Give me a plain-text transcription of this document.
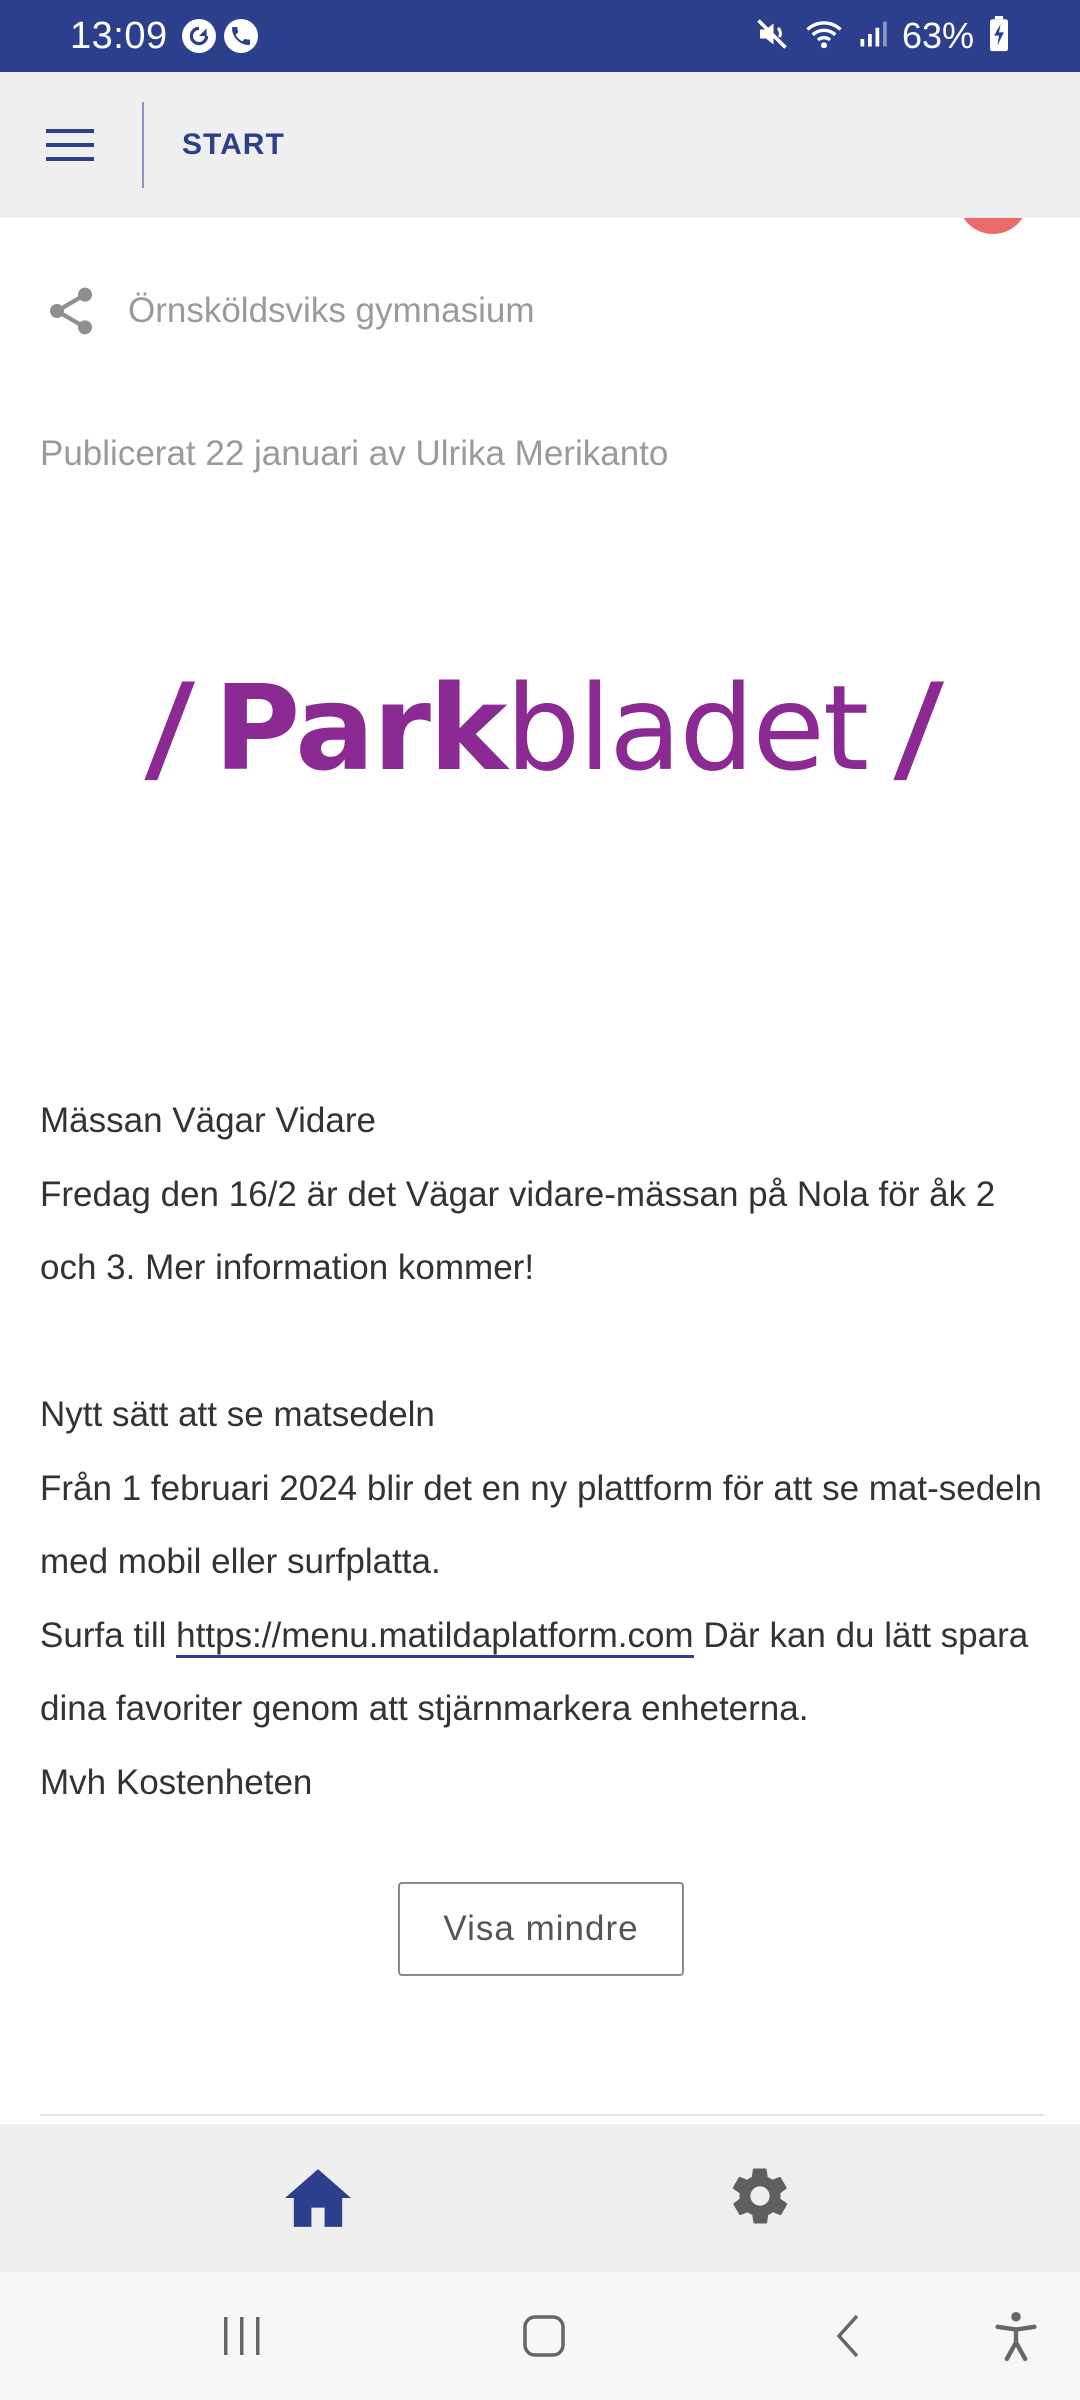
13:09	63%
START
Örnsköldsviks gymnasium
Publicerat 22 januari av Ulrika Merikanto
/ Park bladet /

Mässan Vägar Vidare

Fredag den 16/2 är det Vägar vidare-mässan på Nola för åk 2 och 3. Mer information kommer!

Nytt sätt att se matsedeln

Från 1 februari 2024 blir det en ny plattform för att se mat-sedeln med mobil eller surfplatta.

Surfa till https://menu.matildaplatform.com Där kan du lätt spara dina favoriter genom att stjärnmarkera enheterna.

Mvh Kostenheten

Visa mindre
